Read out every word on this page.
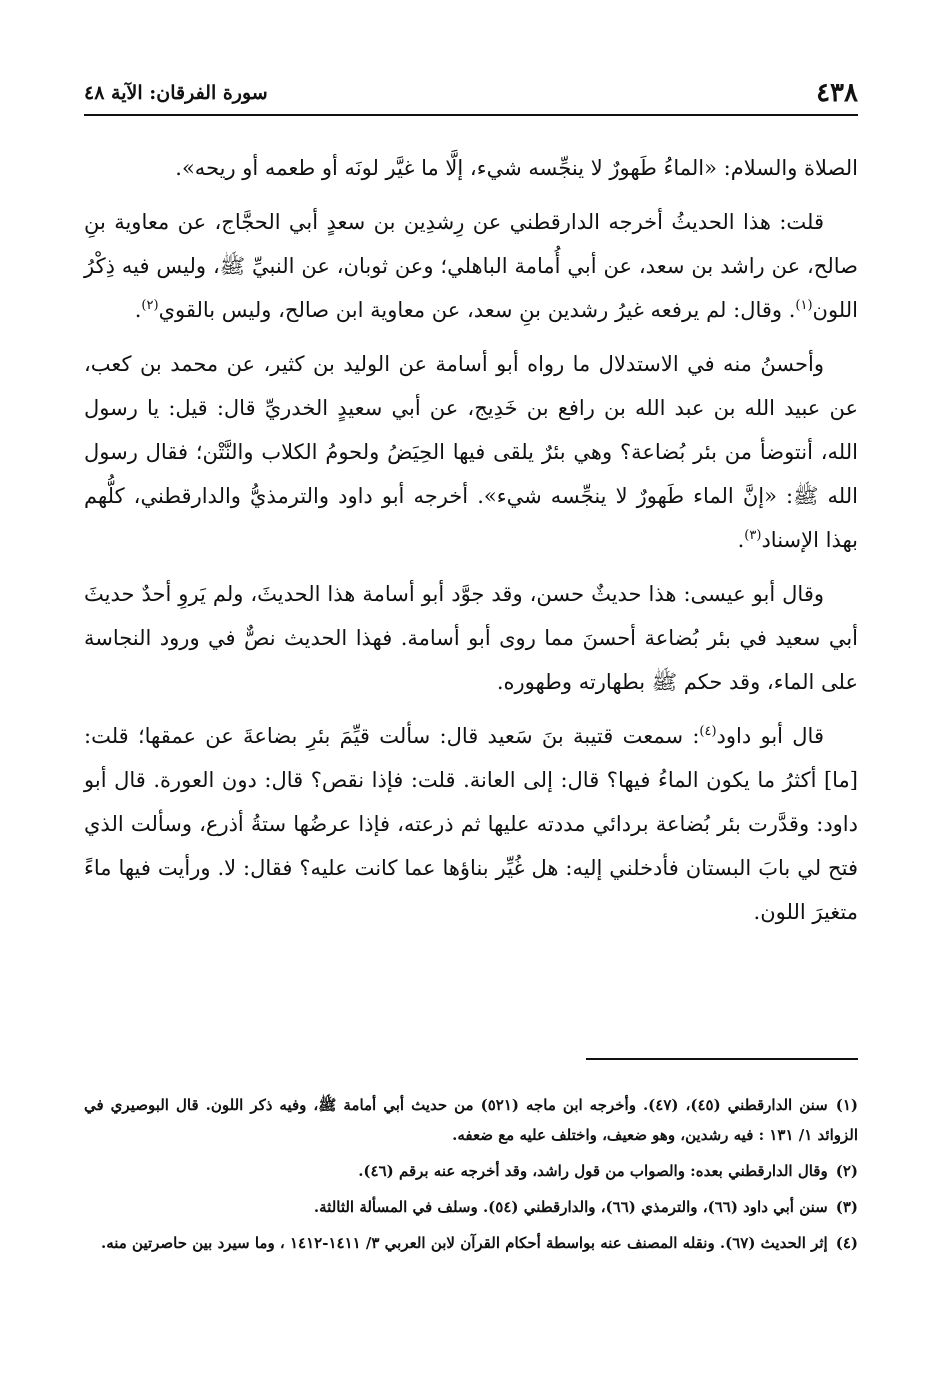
٤٣٨
سورة الفرقان: الآية ٤٨

الصلاة والسلام: «الماءُ طَهورٌ لا ينجِّسه شيء، إلَّا ما غيَّر لونَه أو طعمه أو ريحه».

قلت: هذا الحديثُ أخرجه الدارقطني عن رِشدِين بن سعدٍ أبي الحجَّاج، عن معاوية بنِ صالح، عن راشد بن سعد، عن أبي أُمامة الباهلي؛ وعن ثوبان، عن النبيِّ ﷺ، وليس فيه ذِكْرُ اللون$^{(١)}$. وقال: لم يرفعه غيرُ رشدين بنِ سعد، عن معاوية ابن صالح، وليس بالقوي$^{(٢)}$.

وأحسنُ منه في الاستدلال ما رواه أبو أسامة عن الوليد بن كثير، عن محمد بن كعب، عن عبيد الله بن عبد الله بن رافع بن خَدِيج، عن أبي سعيدٍ الخدريِّ قال: قيل: يا رسول الله، أنتوضأ من بئر بُضاعة؟ وهي بئرٌ يلقى فيها الحِيَضُ ولحومُ الكلاب والنَّتْن؛ فقال رسول الله ﷺ: «إنَّ الماء طَهورٌ لا ينجِّسه شيء». أخرجه أبو داود والترمذيُّ والدارقطني، كلُّهم بهذا الإسناد$^{(٣)}$.

وقال أبو عيسى: هذا حديثٌ حسن، وقد جوَّد أبو أسامة هذا الحديثَ، ولم يَروِ أحدٌ حديثَ أبي سعيد في بئر بُضاعة أحسنَ مما روى أبو أسامة. فهذا الحديث نصٌّ في ورود النجاسة على الماء، وقد حكم ﷺ بطهارته وطهوره.

قال أبو داود$^{(٤)}$: سمعت قتيبة بنَ سَعيد قال: سألت قيِّمَ بئرِ بضاعةَ عن عمقها؛ قلت: [ما] أكثرُ ما يكون الماءُ فيها؟ قال: إلى العانة. قلت: فإذا نقص؟ قال: دون العورة. قال أبو داود: وقدَّرت بئر بُضاعة بردائي مددته عليها ثم ذرعته، فإذا عرضُها ستةُ أذرع، وسألت الذي فتح لي بابَ البستان فأدخلني إليه: هل غُيِّر بناؤها عما كانت عليه؟ فقال: لا. ورأيت فيها ماءً متغيرَ اللون.

(١)سنن الدارقطني (٤٥)، (٤٧). وأخرجه ابن ماجه (٥٢١) من حديث أبي أمامة ﷺ، وفيه ذكر اللون. قال البوصيري في الزوائد ١/ ١٣١ : فيه رشدين، وهو ضعيف، واختلف عليه مع ضعفه.

(٢)وقال الدارقطني بعده: والصواب من قول راشد، وقد أخرجه عنه برقم (٤٦).

(٣)سنن أبي داود (٦٦)، والترمذي (٦٦)، والدارقطني (٥٤). وسلف في المسألة الثالثة.

(٤)إثر الحديث (٦٧). ونقله المصنف عنه بواسطة أحكام القرآن لابن العربي ٣/ ١٤١١-١٤١٢ ، وما سيرد بين حاصرتين منه.
